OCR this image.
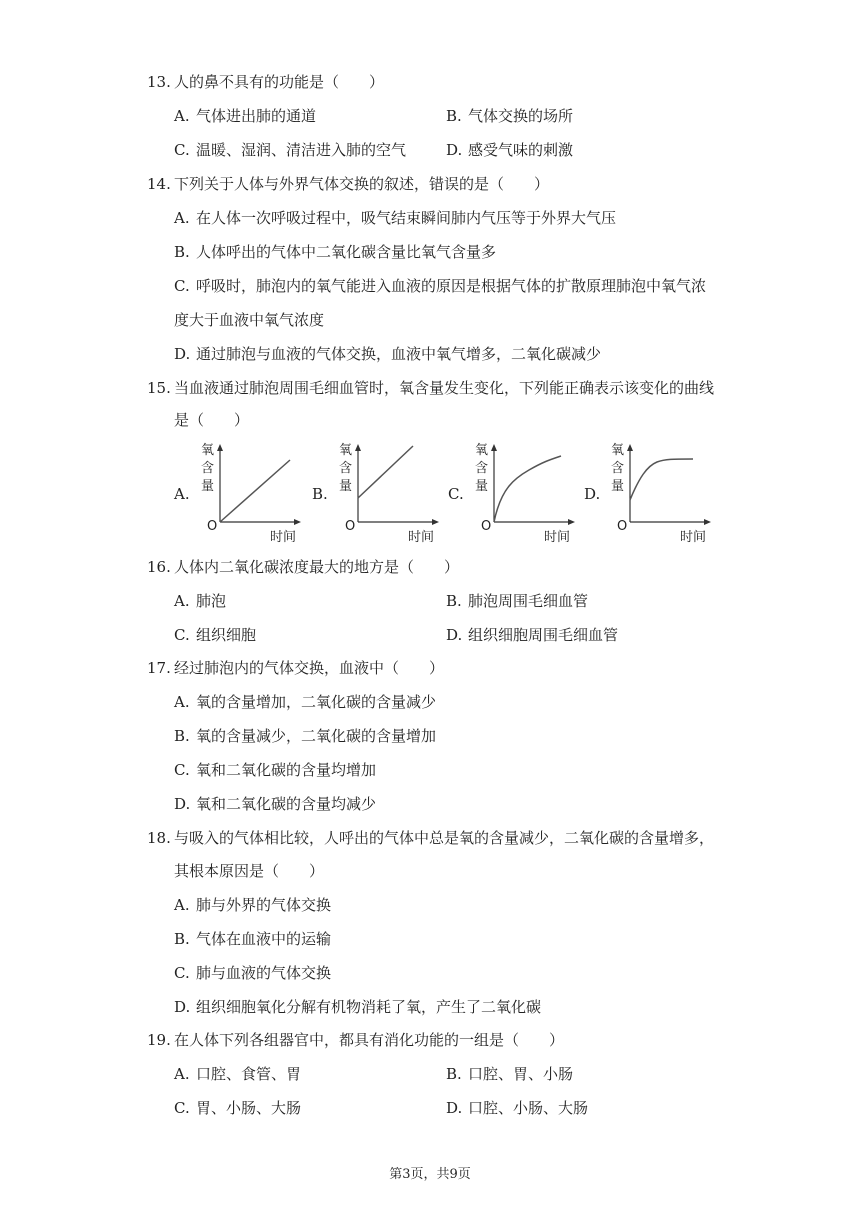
13. 人的鼻不具有的功能是（　　）
A. 气体进出肺的通道	B. 气体交换的场所
C. 温暖、湿润、清洁进入肺的空气	D. 感受气味的刺激
14. 下列关于人体与外界气体交换的叙述，错误的是（　　）
A. 在人体一次呼吸过程中，吸气结束瞬间肺内气压等于外界大气压
B. 人体呼出的气体中二氧化碳含量比氧气含量多
C. 呼吸时，肺泡内的氧气能进入血液的原因是根据气体的扩散原理肺泡中氧气浓
度大于血液中氧气浓度
D. 通过肺泡与血液的气体交换，血液中氧气增多，二氧化碳减少
15. 当血液通过肺泡周围毛细血管时，氧含量发生变化，下列能正确表示该变化的曲线
是（　　）
A.
氧
含
量
O
时间
B.
氧
含
量
O
时间
C.
氧
含
量
O
时间
D.
氧
含
量
O
时间
16. 人体内二氧化碳浓度最大的地方是（　　）
A. 肺泡	B. 肺泡周围毛细血管
C. 组织细胞	D. 组织细胞周围毛细血管
17. 经过肺泡内的气体交换，血液中（　　）
A. 氧的含量增加，二氧化碳的含量减少
B. 氧的含量减少，二氧化碳的含量增加
C. 氧和二氧化碳的含量均增加
D. 氧和二氧化碳的含量均减少
18. 与吸入的气体相比较，人呼出的气体中总是氧的含量减少，二氧化碳的含量增多，
其根本原因是（　　）
A. 肺与外界的气体交换
B. 气体在血液中的运输
C. 肺与血液的气体交换
D. 组织细胞氧化分解有机物消耗了氧，产生了二氧化碳
19. 在人体下列各组器官中，都具有消化功能的一组是（　　）
A. 口腔、食管、胃	B. 口腔、胃、小肠
C. 胃、小肠、大肠	D. 口腔、小肠、大肠
第3页，共9页
